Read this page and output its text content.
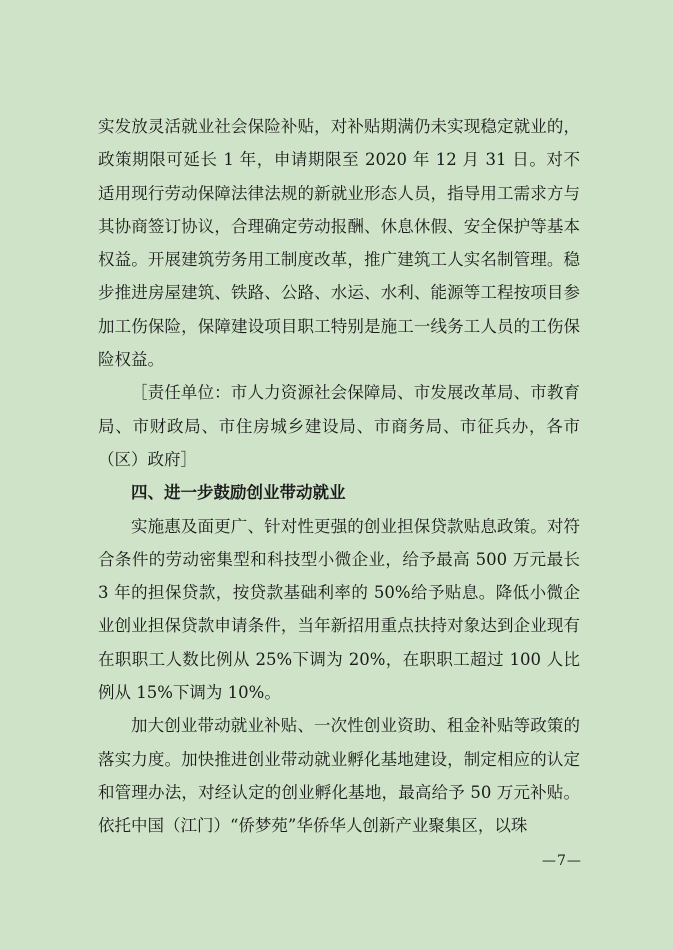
实发放灵活就业社会保险补贴，对补贴期满仍未实现稳定就业的，政策期限可延长 1 年，申请期限至 2020 年 12 月 31 日。对不适用现行劳动保障法律法规的新就业形态人员，指导用工需求方与其协商签订协议，合理确定劳动报酬、休息休假、安全保护等基本权益。开展建筑劳务用工制度改革，推广建筑工人实名制管理。稳步推进房屋建筑、铁路、公路、水运、水利、能源等工程按项目参加工伤保险，保障建设项目职工特别是施工一线务工人员的工伤保险权益。

［责任单位：市人力资源社会保障局、市发展改革局、市教育局、市财政局、市住房城乡建设局、市商务局、市征兵办，各市（区）政府］

四、进一步鼓励创业带动就业

实施惠及面更广、针对性更强的创业担保贷款贴息政策。对符合条件的劳动密集型和科技型小微企业，给予最高 500 万元最长 3 年的担保贷款，按贷款基础利率的 50%给予贴息。降低小微企业创业担保贷款申请条件，当年新招用重点扶持对象达到企业现有在职职工人数比例从 25%下调为 20%，在职职工超过 100 人比例从 15%下调为 10%。

加大创业带动就业补贴、一次性创业资助、租金补贴等政策的落实力度。加快推进创业带动就业孵化基地建设，制定相应的认定和管理办法，对经认定的创业孵化基地，最高给予 50 万元补贴。依托中国（江门）“侨梦苑”华侨华人创新产业聚集区，以珠

—7—
